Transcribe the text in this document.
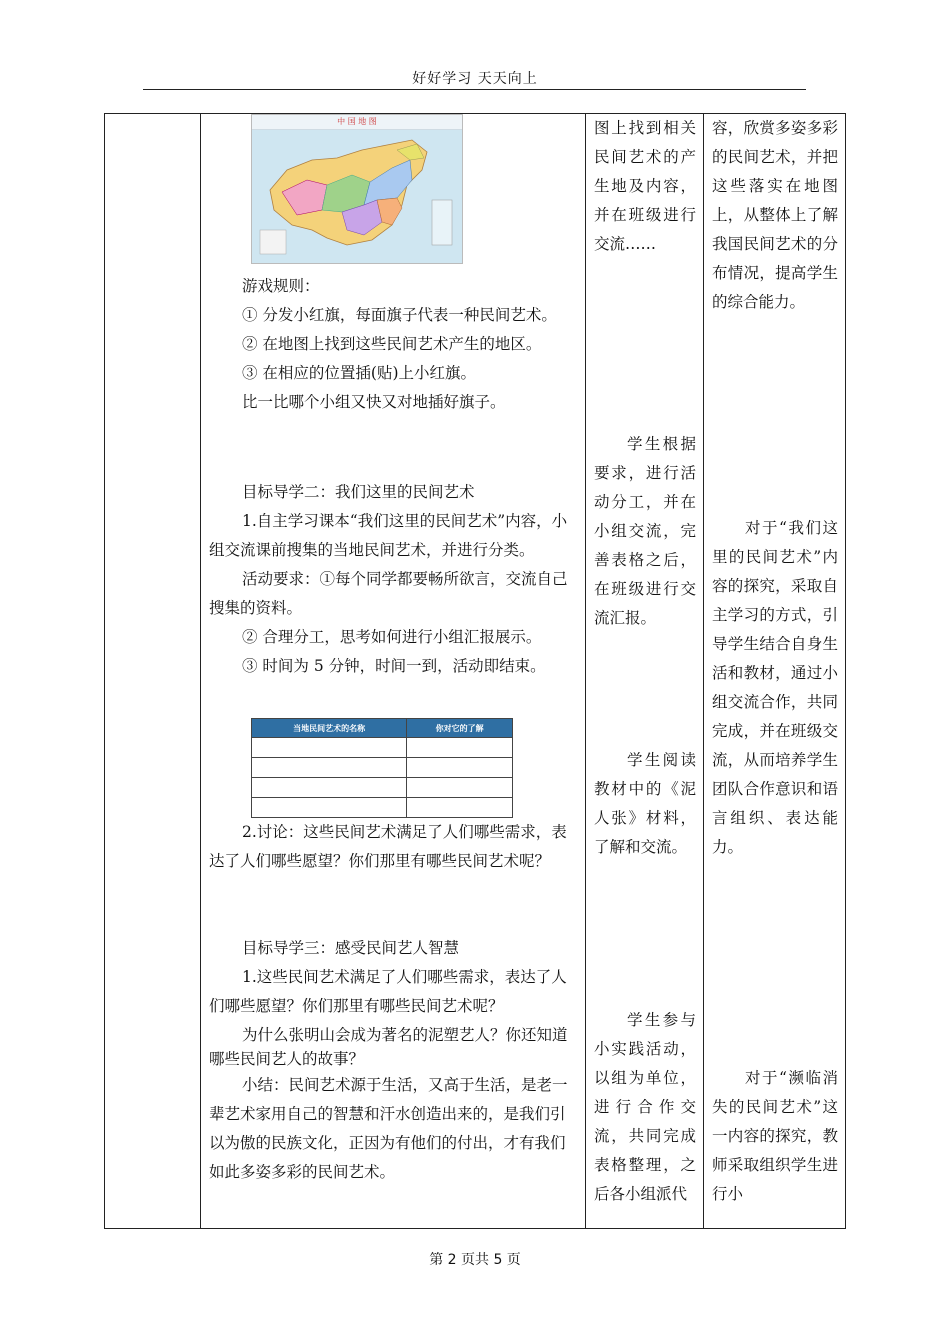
好好学习 天天向上
中 国 地 图

游戏规则：

① 分发小红旗，每面旗子代表一种民间艺术。

② 在地图上找到这些民间艺术产生的地区。

③ 在相应的位置插(贴)上小红旗。

比一比哪个小组又快又对地插好旗子。

目标导学二：我们这里的民间艺术

1.自主学习课本“我们这里的民间艺术”内容，小组交流课前搜集的当地民间艺术，并进行分类。

活动要求：①每个同学都要畅所欲言，交流自己搜集的资料。

② 合理分工，思考如何进行小组汇报展示。

③ 时间为 5 分钟，时间一到，活动即结束。

当地民间艺术的名称	你对它的了解

2.讨论：这些民间艺术满足了人们哪些需求，表达了人们哪些愿望？你们那里有哪些民间艺术呢？

目标导学三：感受民间艺人智慧

1.这些民间艺术满足了人们哪些需求，表达了人们哪些愿望？你们那里有哪些民间艺术呢？

为什么张明山会成为著名的泥塑艺人？你还知道哪些民间艺人的故事？

小结：民间艺术源于生活，又高于生活，是老一辈艺术家用自己的智慧和汗水创造出来的，是我们引以为傲的民族文化，正因为有他们的付出，才有我们如此多姿多彩的民间艺术。

图上找到相关民间艺术的产生地及内容，并在班级进行交流……

学生根据要求，进行活动分工，并在小组交流，完善表格之后，在班级进行交流汇报。

学生阅读教材中的《泥人张》材料，了解和交流。

学生参与小实践活动，以组为单位，进行合作交流，共同完成表格整理，之后各小组派代

容，欣赏多姿多彩的民间艺术，并把这些落实在地图上，从整体上了解我国民间艺术的分布情况，提高学生的综合能力。

对于“我们这里的民间艺术”内容的探究，采取自主学习的方式，引导学生结合自身生活和教材，通过小组交流合作，共同完成，并在班级交流，从而培养学生团队合作意识和语言组织、表达能力。

对于“濒临消失的民间艺术”这一内容的探究，教师采取组织学生进行小

第 2 页共 5 页
